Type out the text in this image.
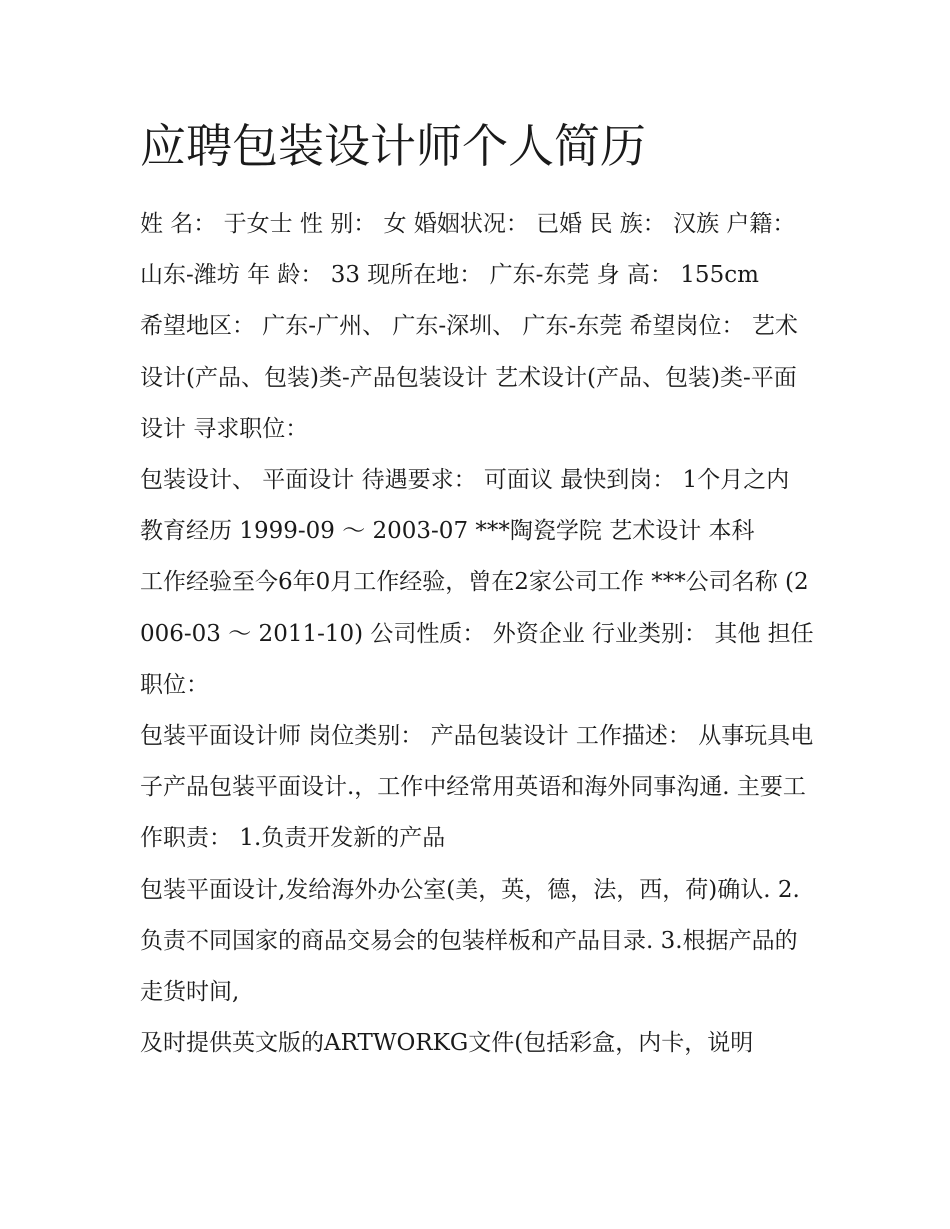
应聘包装设计师个人简历

姓 名： 于女士 性 别： 女 婚姻状况： 已婚 民 族： 汉族 户籍： 山东-潍坊 年 龄： 33 现所在地： 广东-东莞 身 高： 155cm

希望地区： 广东-广州、 广东-深圳、 广东-东莞 希望岗位： 艺术设计(产品、包装)类-产品包装设计 艺术设计(产品、包装)类-平面设计 寻求职位：

包装设计、 平面设计 待遇要求： 可面议 最快到岗： 1个月之内 教育经历 1999-09 ～ 2003-07 ***陶瓷学院 艺术设计 本科

工作经验至今6年0月工作经验，曾在2家公司工作 ***公司名称 (2006-03 ～ 2011-10) 公司性质： 外资企业 行业类别： 其他 担任职位：

包装平面设计师 岗位类别： 产品包装设计 工作描述： 从事玩具电子产品包装平面设计.，工作中经常用英语和海外同事沟通. 主要工作职责： 1.负责开发新的产品

包装平面设计,发给海外办公室(美，英，德，法，西，荷)确认. 2.负责不同国家的商品交易会的包装样板和产品目录. 3.根据产品的走货时间,

及时提供英文版的ARTWORKG文件(包括彩盒，内卡，说明
